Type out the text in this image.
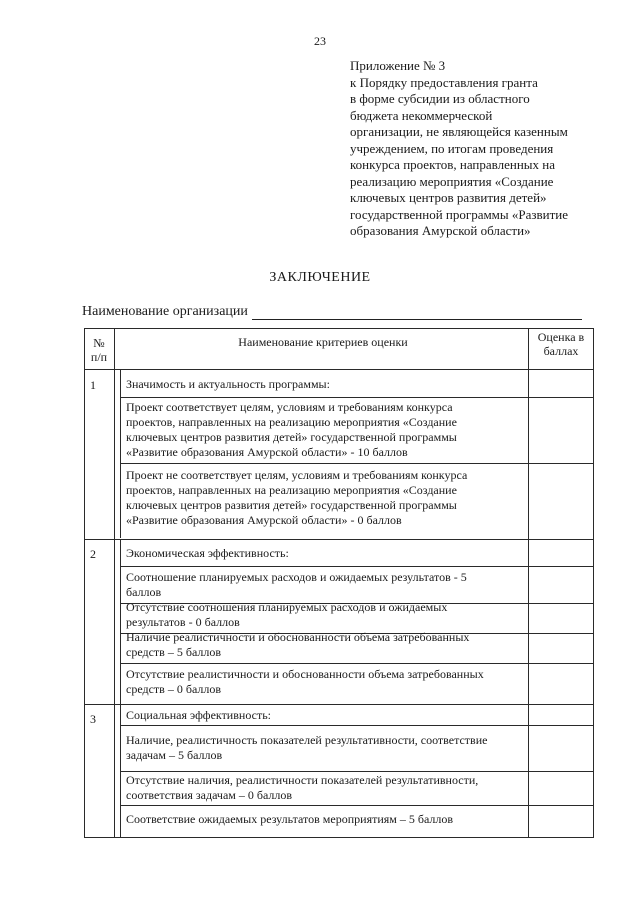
23
Приложение № 3
к Порядку предоставления гранта
в форме субсидии из областного
бюджета некоммерческой
организации, не являющейся казенным
учреждением, по итогам проведения
конкурса проектов, направленных на
реализацию мероприятия «Создание
ключевых центров развития детей»
государственной программы «Развитие
образования Амурской области»
ЗАКЛЮЧЕНИЕ
Наименование организации
№
п/п
Наименование критериев оценки	Оценка в
баллах
1	Значимость и актуальность программы:
Проект соответствует целям, условиям и требованиям конкурса
проектов, направленных на реализацию мероприятия «Создание
ключевых центров развития детей» государственной программы
«Развитие образования Амурской области» - 10 баллов
Проект не соответствует целям, условиям и требованиям конкурса
проектов, направленных на реализацию мероприятия «Создание
ключевых центров развития детей» государственной программы
«Развитие образования Амурской области» - 0 баллов
2	Экономическая эффективность:
Соотношение планируемых расходов и ожидаемых результатов - 5
баллов
Отсутствие соотношения планируемых расходов и ожидаемых
результатов - 0 баллов
Наличие реалистичности и обоснованности объема затребованных
средств – 5 баллов
Отсутствие реалистичности и обоснованности объема затребованных
средств – 0 баллов
3	Социальная эффективность:
Наличие, реалистичность показателей результативности, соответствие
задачам – 5 баллов
Отсутствие наличия, реалистичности показателей результативности,
соответствия задачам – 0 баллов
Соответствие ожидаемых результатов мероприятиям – 5 баллов
